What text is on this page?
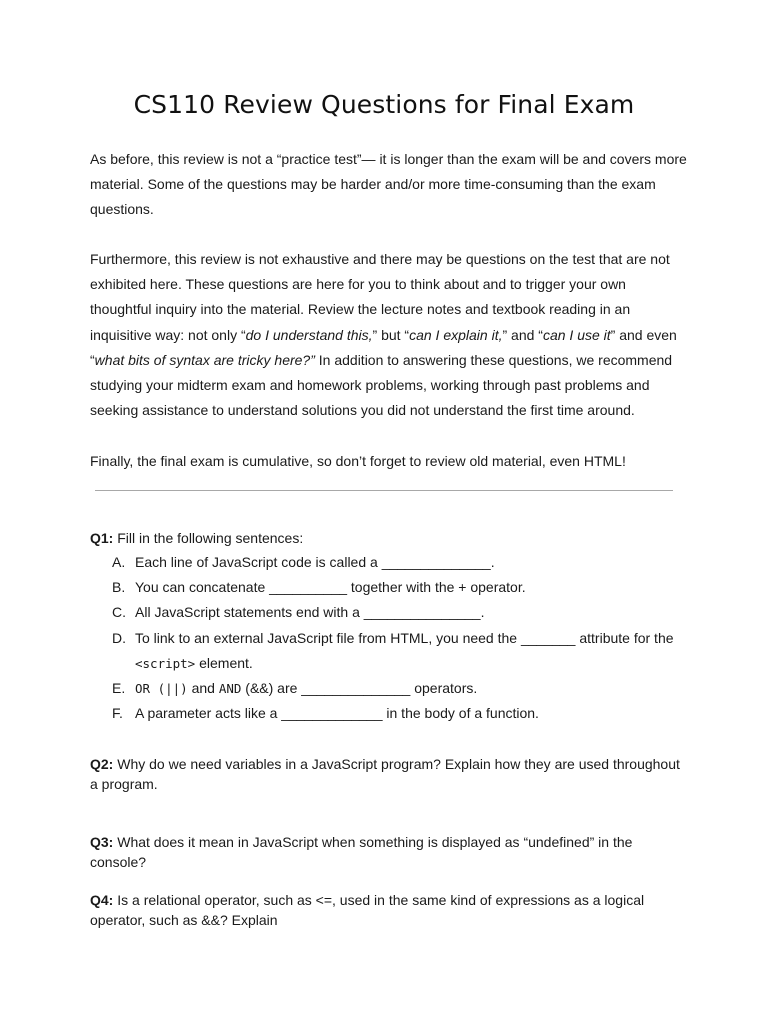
CS110 Review Questions for Final Exam

As before, this review is not a “practice test”— it is longer than the exam will be and covers more material. Some of the questions may be harder and/or more time-consuming than the exam questions.

Furthermore, this review is not exhaustive and there may be questions on the test that are not exhibited here. These questions are here for you to think about and to trigger your own thoughtful inquiry into the material. Review the lecture notes and textbook reading in an inquisitive way: not only “do I understand this,” but “can I explain it,” and “can I use it” and even “what bits of syntax are tricky here?” In addition to answering these questions, we recommend studying your midterm exam and homework problems, working through past problems and seeking assistance to understand solutions you did not understand the first time around.

Finally, the final exam is cumulative, so don’t forget to review old material, even HTML!

Q1: Fill in the following sentences:

A. Each line of JavaScript code is called a ______________.
B. You can concatenate __________ together with the + operator.
C. All JavaScript statements end with a _______________.
D. To link to an external JavaScript file from HTML, you need the _______ attribute for the <script> element.
E. OR (||) and AND (&&) are ______________ operators.
F. A parameter acts like a _____________ in the body of a function.

Q2: Why do we need variables in a JavaScript program? Explain how they are used throughout a program.

Q3: What does it mean in JavaScript when something is displayed as “undefined” in the console?

Q4: Is a relational operator, such as <=, used in the same kind of expressions as a logical operator, such as &&? Explain
